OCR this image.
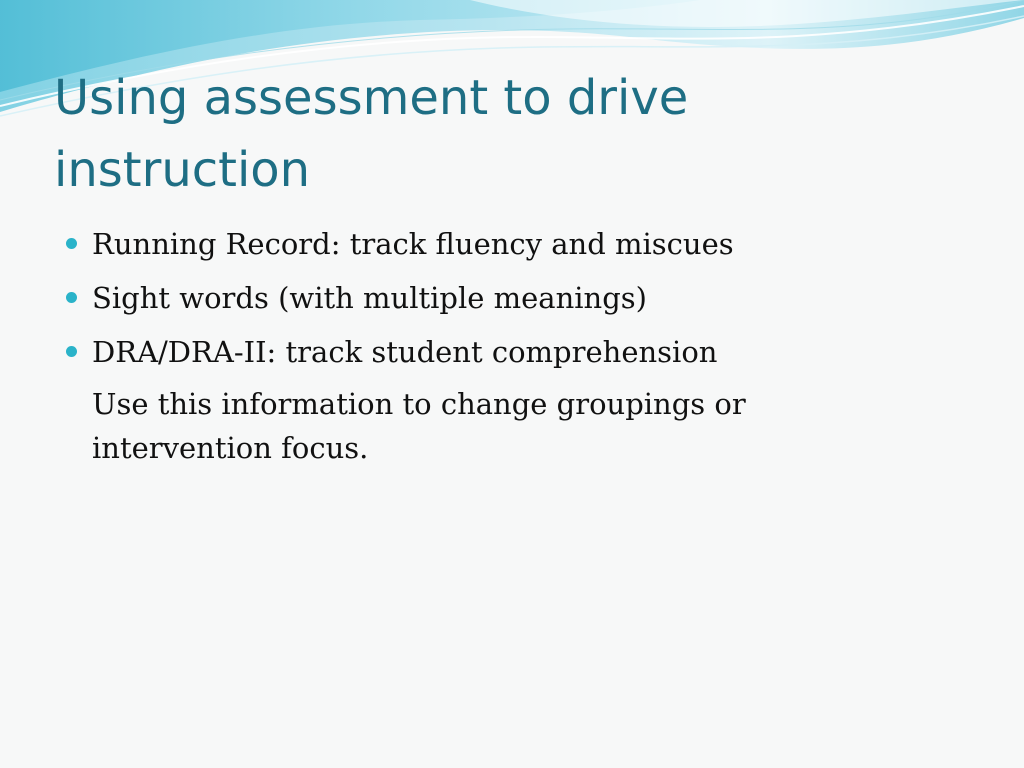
Using assessment to drive instruction
Running Record: track fluency and miscues
Sight words (with multiple meanings)
DRA/DRA-II: track student comprehension

Use this information to change groupings or intervention focus.
